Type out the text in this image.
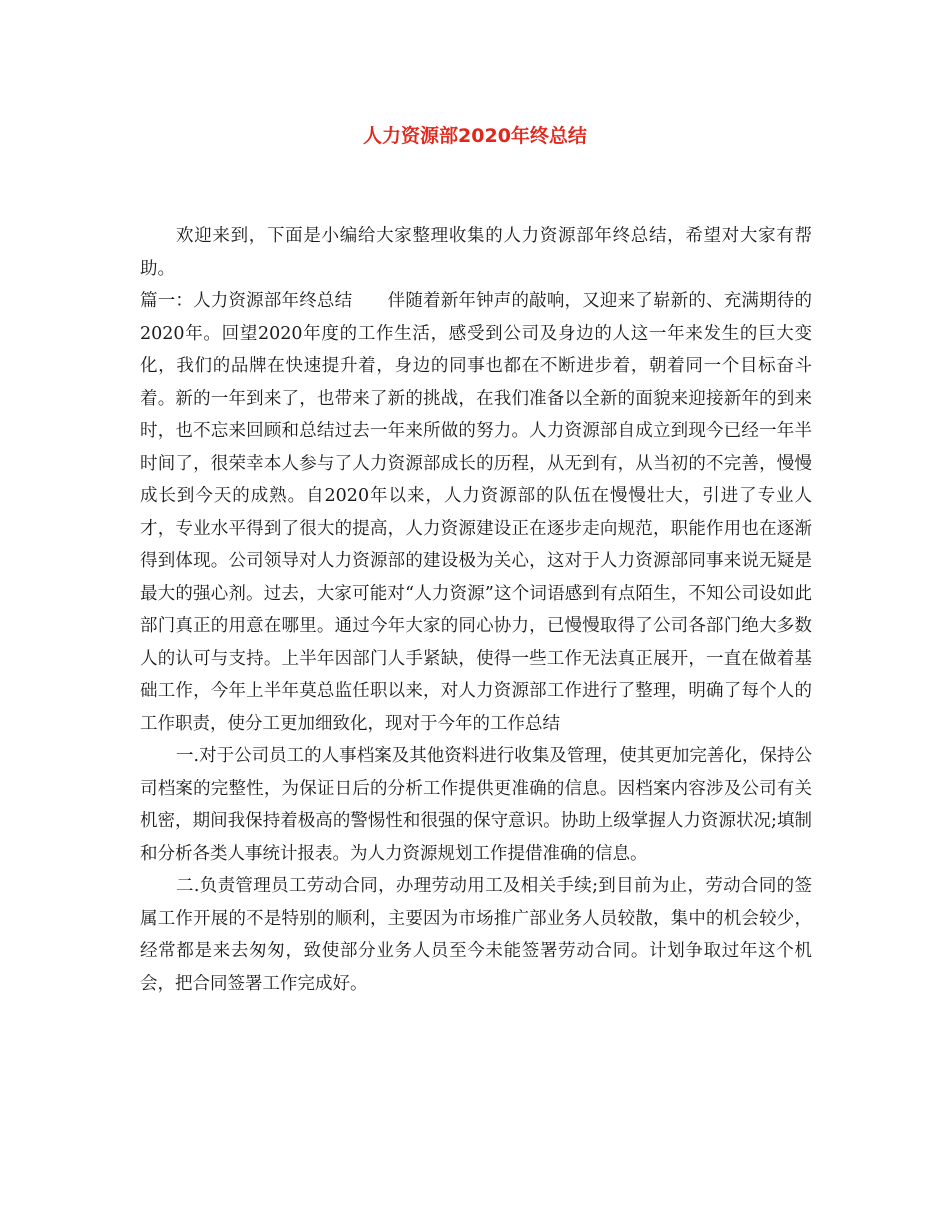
人力资源部2020年终总结

欢迎来到，下面是小编给大家整理收集的人力资源部年终总结，希望对大家有帮助。

篇一：人力资源部年终总结　　伴随着新年钟声的敲响，又迎来了崭新的、充满期待的2020年。回望2020年度的工作生活，感受到公司及身边的人这一年来发生的巨大变化，我们的品牌在快速提升着，身边的同事也都在不断进步着，朝着同一个目标奋斗着。新的一年到来了，也带来了新的挑战，在我们准备以全新的面貌来迎接新年的到来时，也不忘来回顾和总结过去一年来所做的努力。人力资源部自成立到现今已经一年半时间了，很荣幸本人参与了人力资源部成长的历程，从无到有，从当初的不完善，慢慢成长到今天的成熟。自2020年以来，人力资源部的队伍在慢慢壮大，引进了专业人才，专业水平得到了很大的提高，人力资源建设正在逐步走向规范，职能作用也在逐渐得到体现。公司领导对人力资源部的建设极为关心，这对于人力资源部同事来说无疑是最大的强心剂。过去，大家可能对“人力资源”这个词语感到有点陌生，不知公司设如此部门真正的用意在哪里。通过今年大家的同心协力，已慢慢取得了公司各部门绝大多数人的认可与支持。上半年因部门人手紧缺，使得一些工作无法真正展开，一直在做着基础工作，今年上半年莫总监任职以来，对人力资源部工作进行了整理，明确了每个人的工作职责，使分工更加细致化，现对于今年的工作总结

一.对于公司员工的人事档案及其他资料进行收集及管理，使其更加完善化，保持公司档案的完整性，为保证日后的分析工作提供更准确的信息。因档案内容涉及公司有关机密，期间我保持着极高的警惕性和很强的保守意识。协助上级掌握人力资源状况;填制和分析各类人事统计报表。为人力资源规划工作提借准确的信息。

二.负责管理员工劳动合同，办理劳动用工及相关手续;到目前为止，劳动合同的签属工作开展的不是特别的顺利，主要因为市场推广部业务人员较散，集中的机会较少，经常都是来去匆匆，致使部分业务人员至今未能签署劳动合同。计划争取过年这个机会，把合同签署工作完成好。
